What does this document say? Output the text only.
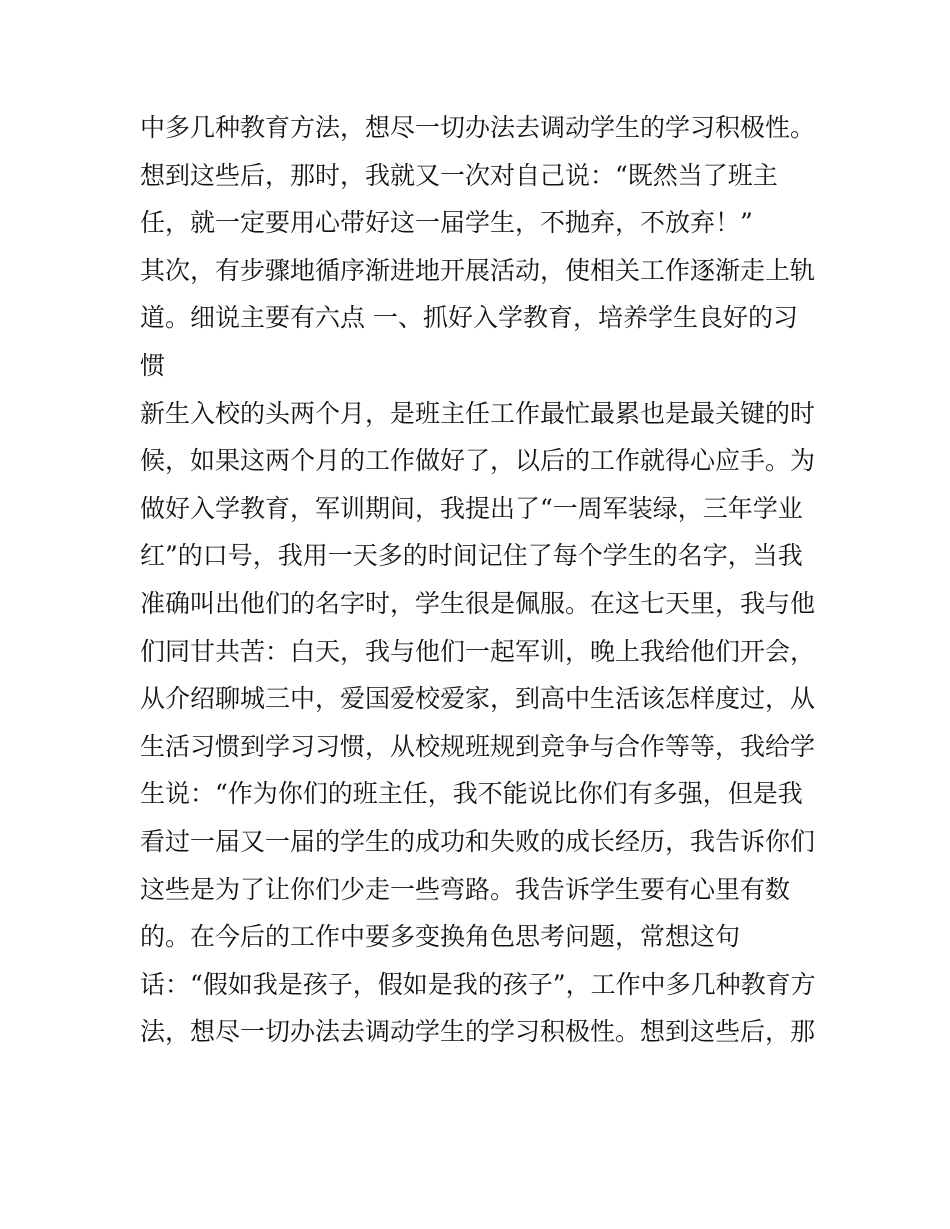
中多几种教育方法，想尽一切办法去调动学生的学习积极性。
想到这些后，那时，我就又一次对自己说：“既然当了班主
任，就一定要用心带好这一届学生，不抛弃，不放弃！”
其次，有步骤地循序渐进地开展活动，使相关工作逐渐走上轨
道。细说主要有六点 一、抓好入学教育，培养学生良好的习
惯
新生入校的头两个月，是班主任工作最忙最累也是最关键的时
候，如果这两个月的工作做好了，以后的工作就得心应手。为
做好入学教育，军训期间，我提出了“一周军装绿，三年学业
红”的口号，我用一天多的时间记住了每个学生的名字，当我
准确叫出他们的名字时，学生很是佩服。在这七天里，我与他
们同甘共苦：白天，我与他们一起军训，晚上我给他们开会，
从介绍聊城三中，爱国爱校爱家，到高中生活该怎样度过，从
生活习惯到学习习惯，从校规班规到竞争与合作等等，我给学
生说：“作为你们的班主任，我不能说比你们有多强，但是我
看过一届又一届的学生的成功和失败的成长经历，我告诉你们
这些是为了让你们少走一些弯路。我告诉学生要有心里有数
的。在今后的工作中要多变换角色思考问题，常想这句
话：“假如我是孩子，假如是我的孩子”，工作中多几种教育方
法，想尽一切办法去调动学生的学习积极性。想到这些后，那
